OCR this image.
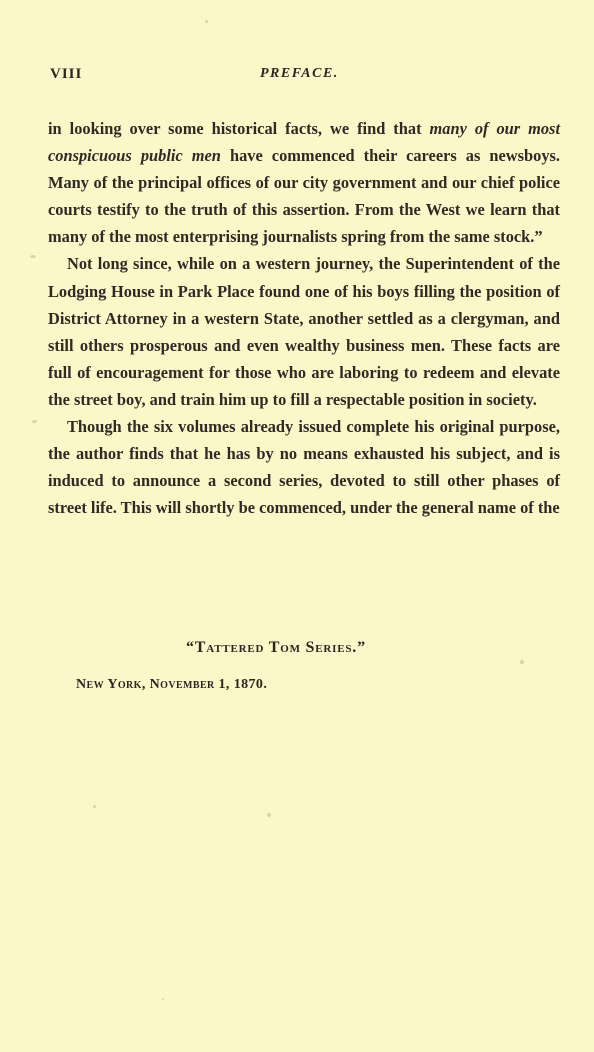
VIII	PREFACE.

in looking over some historical facts, we find that many of our most conspicuous public men have commenced their careers as newsboys. Many of the principal offices of our city government and our chief police courts testify to the truth of this assertion. From the West we learn that many of the most enterprising journalists spring from the same stock.”

Not long since, while on a western journey, the Superintendent of the Lodging House in Park Place found one of his boys filling the position of District Attorney in a western State, another settled as a clergyman, and still others prosperous and even wealthy business men. These facts are full of encouragement for those who are laboring to redeem and elevate the street boy, and train him up to fill a respectable position in society.

Though the six volumes already issued complete his original purpose, the author finds that he has by no means exhausted his subject, and is induced to announce a second series, devoted to still other phases of street life. This will shortly be commenced, under the general name of the

“Tattered Tom Series.”
New York, November 1, 1870.
